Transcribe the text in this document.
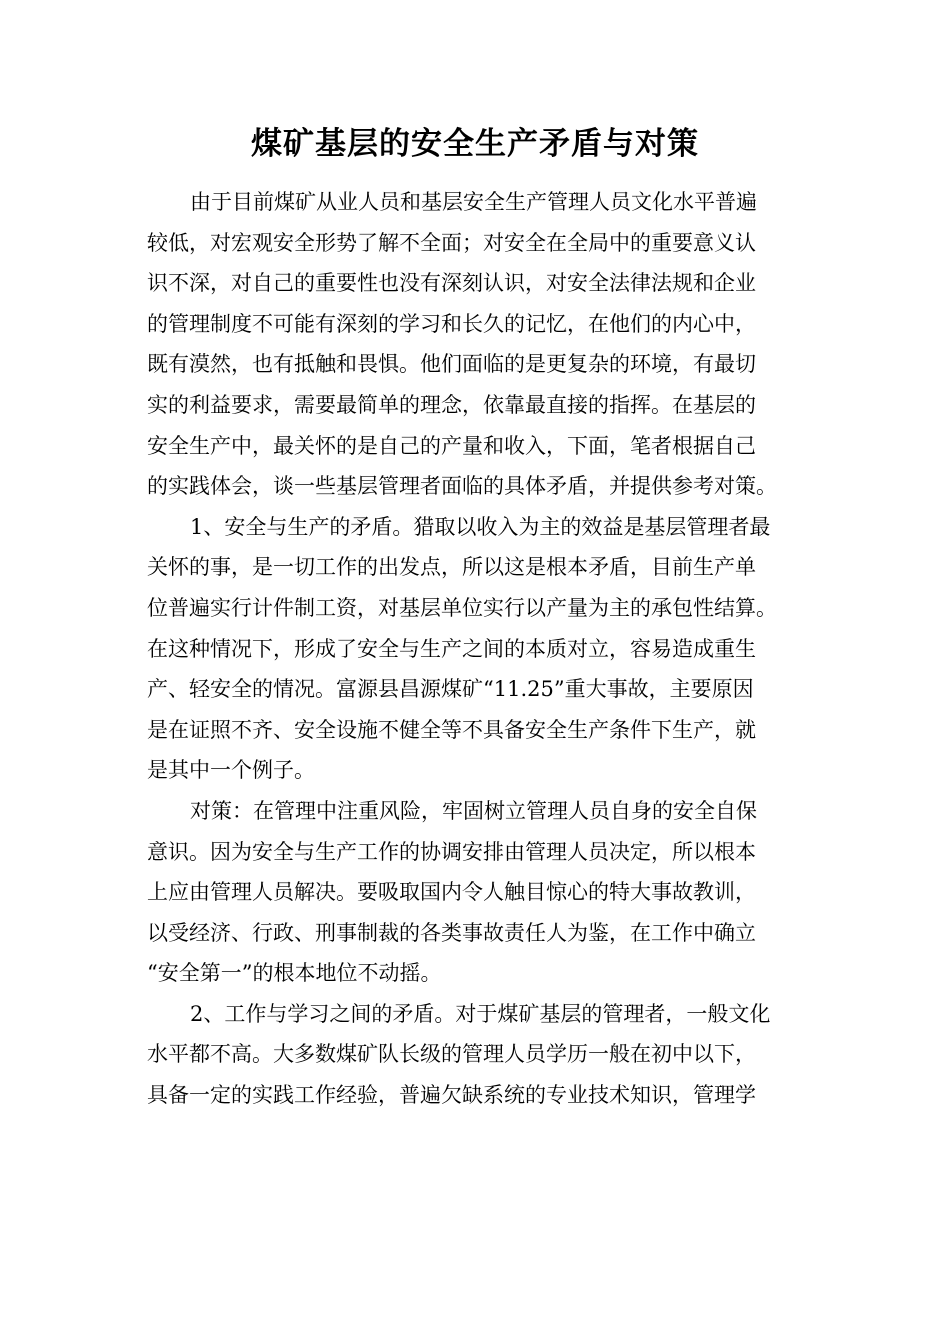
煤矿基层的安全生产矛盾与对策
由于目前煤矿从业人员和基层安全生产管理人员文化水平普遍
较低，对宏观安全形势了解不全面；对安全在全局中的重要意义认
识不深，对自己的重要性也没有深刻认识，对安全法律法规和企业
的管理制度不可能有深刻的学习和长久的记忆，在他们的内心中，
既有漠然，也有抵触和畏惧。他们面临的是更复杂的环境，有最切
实的利益要求，需要最简单的理念，依靠最直接的指挥。在基层的
安全生产中，最关怀的是自己的产量和收入，下面，笔者根据自己
的实践体会，谈一些基层管理者面临的具体矛盾，并提供参考对策。
1、安全与生产的矛盾。猎取以收入为主的效益是基层管理者最
关怀的事，是一切工作的出发点，所以这是根本矛盾，目前生产单
位普遍实行计件制工资，对基层单位实行以产量为主的承包性结算。
在这种情况下，形成了安全与生产之间的本质对立，容易造成重生
产、轻安全的情况。富源县昌源煤矿“11.25”重大事故，主要原因
是在证照不齐、安全设施不健全等不具备安全生产条件下生产，就
是其中一个例子。
对策：在管理中注重风险，牢固树立管理人员自身的安全自保
意识。因为安全与生产工作的协调安排由管理人员决定，所以根本
上应由管理人员解决。要吸取国内令人触目惊心的特大事故教训，
以受经济、行政、刑事制裁的各类事故责任人为鉴，在工作中确立
“安全第一”的根本地位不动摇。
2、工作与学习之间的矛盾。对于煤矿基层的管理者，一般文化
水平都不高。大多数煤矿队长级的管理人员学历一般在初中以下，
具备一定的实践工作经验，普遍欠缺系统的专业技术知识，管理学
